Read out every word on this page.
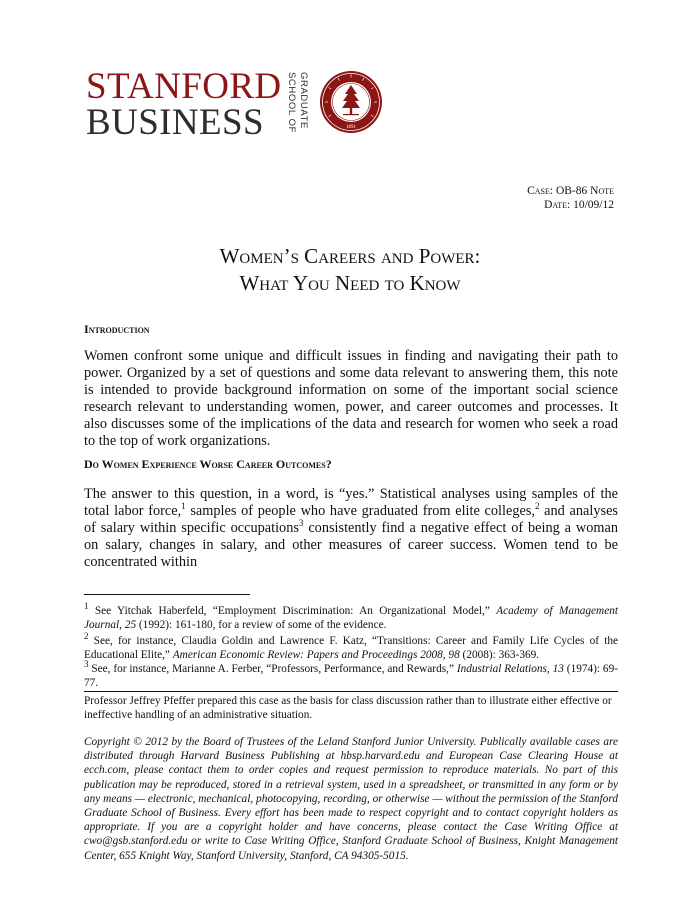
STANFORD
BUSINESS	GRADUATE
SCHOOL OF	1891
Case: OB-86 Note
Date: 10/09/12
Women’s Careers and Power:
What You Need to Know
Introduction
Women confront some unique and difficult issues in finding and navigating their path to power. Organized by a set of questions and some data relevant to answering them, this note is intended to provide background information on some of the important social science research relevant to understanding women, power, and career outcomes and processes. It also discusses some of the implications of the data and research for women who seek a road to the top of work organizations.
Do Women Experience Worse Career Outcomes?
The answer to this question, in a word, is “yes.” Statistical analyses using samples of the total labor force,$^1$ samples of people who have graduated from elite colleges,$^2$ and analyses of salary within specific occupations$^3$ consistently find a negative effect of being a woman on salary, changes in salary, and other measures of career success. Women tend to be concentrated within
$^1$ See Yitchak Haberfeld, “Employment Discrimination: An Organizational Model,” Academy of Management Journal, 25 (1992): 161-180, for a review of some of the evidence.
$^2$ See, for instance, Claudia Goldin and Lawrence F. Katz, “Transitions: Career and Family Life Cycles of the Educational Elite,” American Economic Review: Papers and Proceedings 2008, 98 (2008): 363-369.
$^3$ See, for instance, Marianne A. Ferber, “Professors, Performance, and Rewards,” Industrial Relations, 13 (1974): 69-77.
Professor Jeffrey Pfeffer prepared this case as the basis for class discussion rather than to illustrate either effective or ineffective handling of an administrative situation.
Copyright © 2012 by the Board of Trustees of the Leland Stanford Junior University. Publically available cases are distributed through Harvard Business Publishing at hbsp.harvard.edu and European Case Clearing House at ecch.com, please contact them to order copies and request permission to reproduce materials. No part of this publication may be reproduced, stored in a retrieval system, used in a spreadsheet, or transmitted in any form or by any means — electronic, mechanical, photocopying, recording, or otherwise — without the permission of the Stanford Graduate School of Business. Every effort has been made to respect copyright and to contact copyright holders as appropriate. If you are a copyright holder and have concerns, please contact the Case Writing Office at cwo@gsb.stanford.edu or write to Case Writing Office, Stanford Graduate School of Business, Knight Management Center, 655 Knight Way, Stanford University, Stanford, CA 94305-5015.
